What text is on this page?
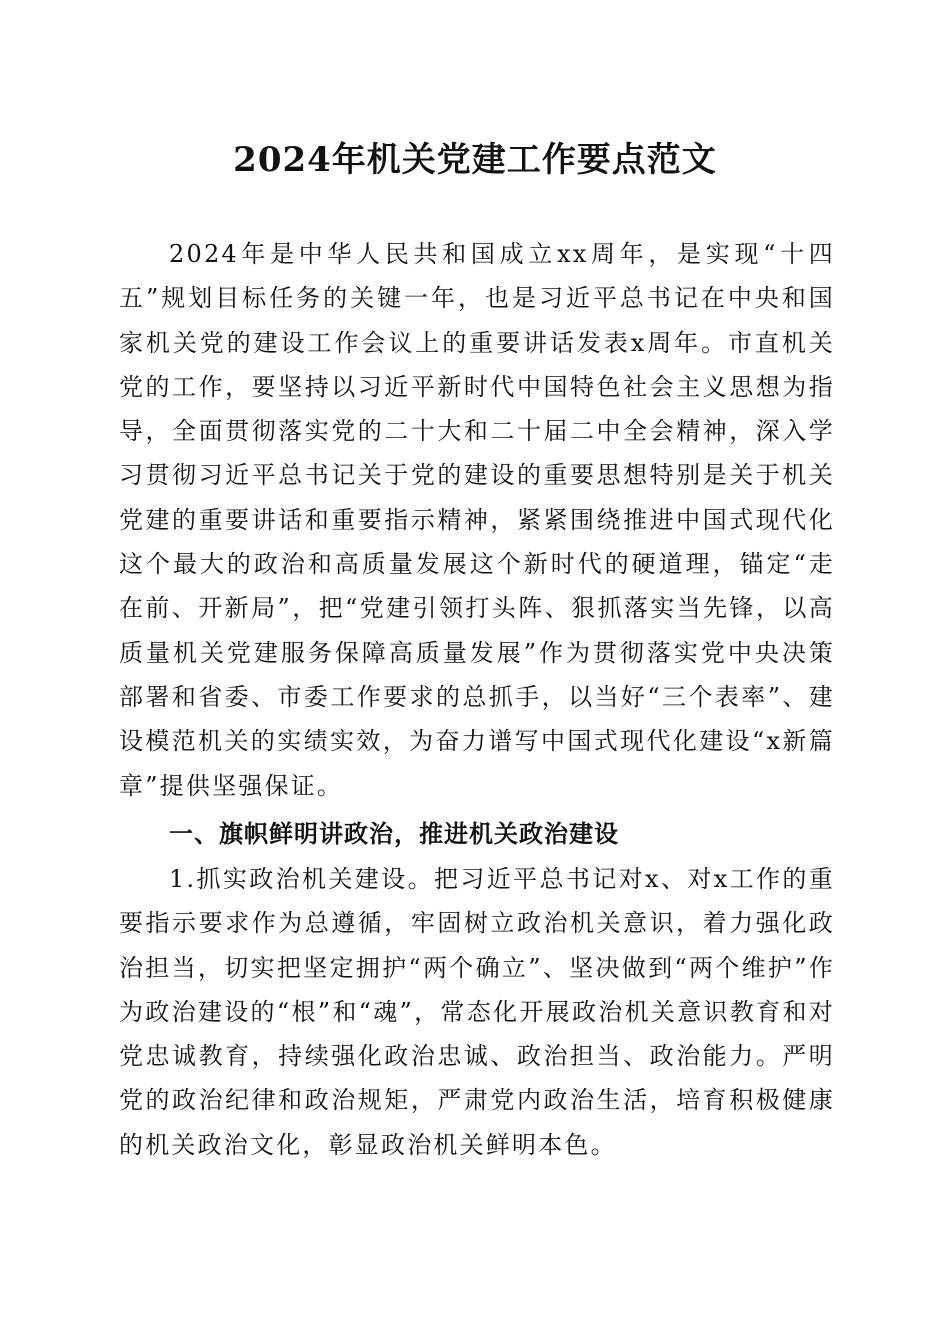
2024年机关党建工作要点范文

2024年是中华人民共和国成立xx周年，是实现“十四五”规划目标任务的关键一年，也是习近平总书记在中央和国家机关党的建设工作会议上的重要讲话发表x周年。市直机关党的工作，要坚持以习近平新时代中国特色社会主义思想为指导，全面贯彻落实党的二十大和二十届二中全会精神，深入学习贯彻习近平总书记关于党的建设的重要思想特别是关于机关党建的重要讲话和重要指示精神，紧紧围绕推进中国式现代化这个最大的政治和高质量发展这个新时代的硬道理，锚定“走在前、开新局”，把“党建引领打头阵、狠抓落实当先锋，以高质量机关党建服务保障高质量发展”作为贯彻落实党中央决策部署和省委、市委工作要求的总抓手，以当好“三个表率”、建设模范机关的实绩实效，为奋力谱写中国式现代化建设“x新篇章”提供坚强保证。

一、旗帜鲜明讲政治，推进机关政治建设

1.抓实政治机关建设。把习近平总书记对x、对x工作的重要指示要求作为总遵循，牢固树立政治机关意识，着力强化政治担当，切实把坚定拥护“两个确立”、坚决做到“两个维护”作为政治建设的“根”和“魂”，常态化开展政治机关意识教育和对党忠诚教育，持续强化政治忠诚、政治担当、政治能力。严明党的政治纪律和政治规矩，严肃党内政治生活，培育积极健康的机关政治文化，彰显政治机关鲜明本色。
